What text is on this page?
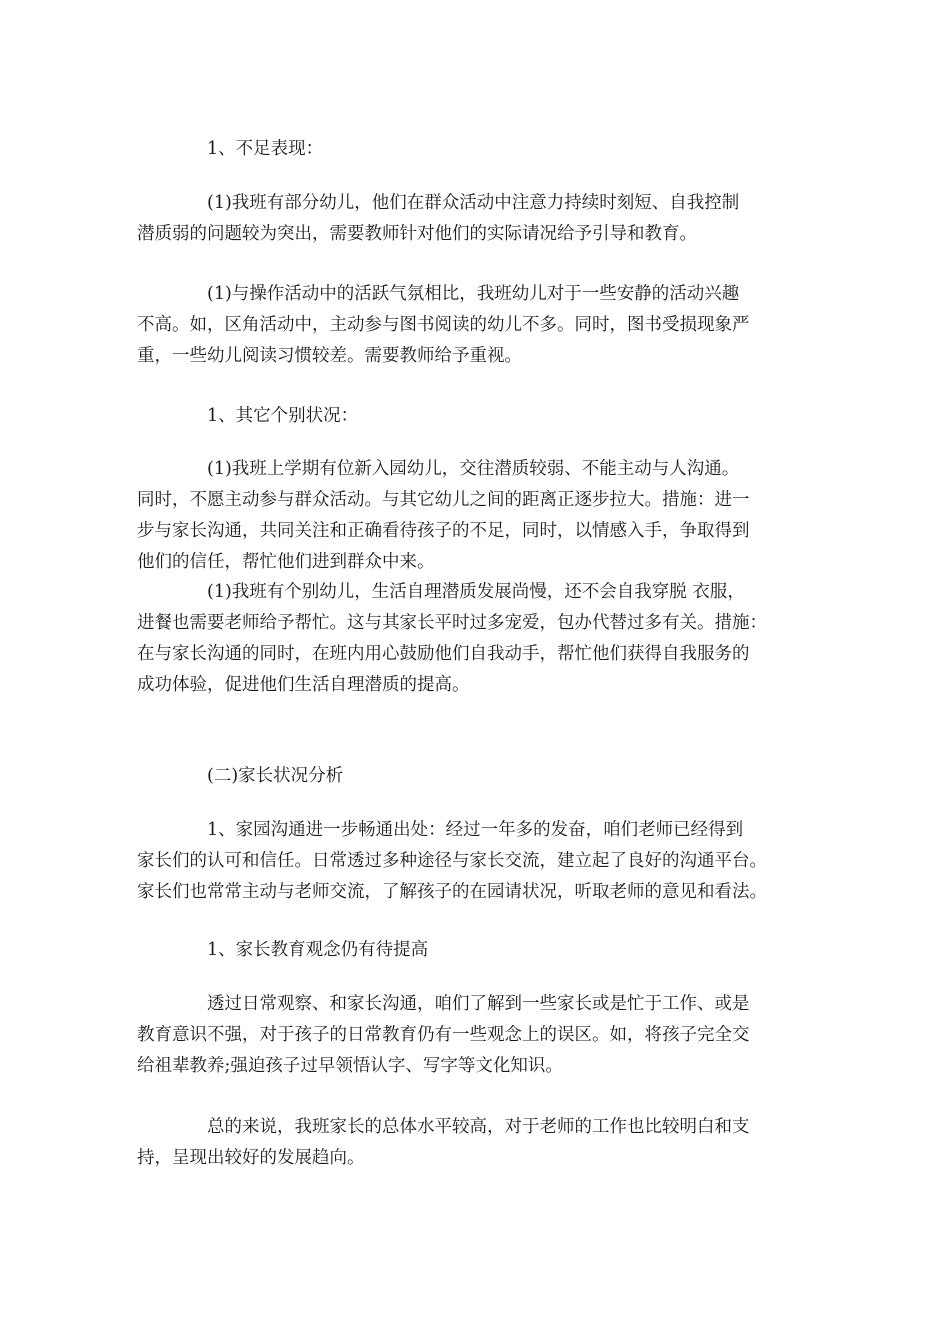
1、不足表现：
(1)我班有部分幼儿，他们在群众活动中注意力持续时刻短、自我控制
潜质弱的问题较为突出，需要教师针对他们的实际请况给予引导和教育。
(1)与操作活动中的活跃气氛相比，我班幼儿对于一些安静的活动兴趣
不高。如，区角活动中，主动参与图书阅读的幼儿不多。同时，图书受损现象严
重，一些幼儿阅读习惯较差。需要教师给予重视。
1、其它个别状况：
(1)我班上学期有位新入园幼儿，交往潜质较弱、不能主动与人沟通。
同时，不愿主动参与群众活动。与其它幼儿之间的距离正逐步拉大。措施：进一
步与家长沟通，共同关注和正确看待孩子的不足，同时，以情感入手，争取得到
他们的信任，帮忙他们进到群众中来。
(1)我班有个别幼儿，生活自理潜质发展尚慢，还不会自我穿脱 衣服，
进餐也需要老师给予帮忙。这与其家长平时过多宠爱，包办代替过多有关。措施：
在与家长沟通的同时，在班内用心鼓励他们自我动手，帮忙他们获得自我服务的
成功体验，促进他们生活自理潜质的提高。
(二)家长状况分析
1、家园沟通进一步畅通出处：经过一年多的发奋，咱们老师已经得到
家长们的认可和信任。日常透过多种途径与家长交流，建立起了良好的沟通平台。
家长们也常常主动与老师交流，了解孩子的在园请状况，听取老师的意见和看法。
1、家长教育观念仍有待提高
透过日常观察、和家长沟通，咱们了解到一些家长或是忙于工作、或是
教育意识不强，对于孩子的日常教育仍有一些观念上的误区。如，将孩子完全交
给祖辈教养;强迫孩子过早领悟认字、写字等文化知识。
总的来说，我班家长的总体水平较高，对于老师的工作也比较明白和支
持，呈现出较好的发展趋向。
